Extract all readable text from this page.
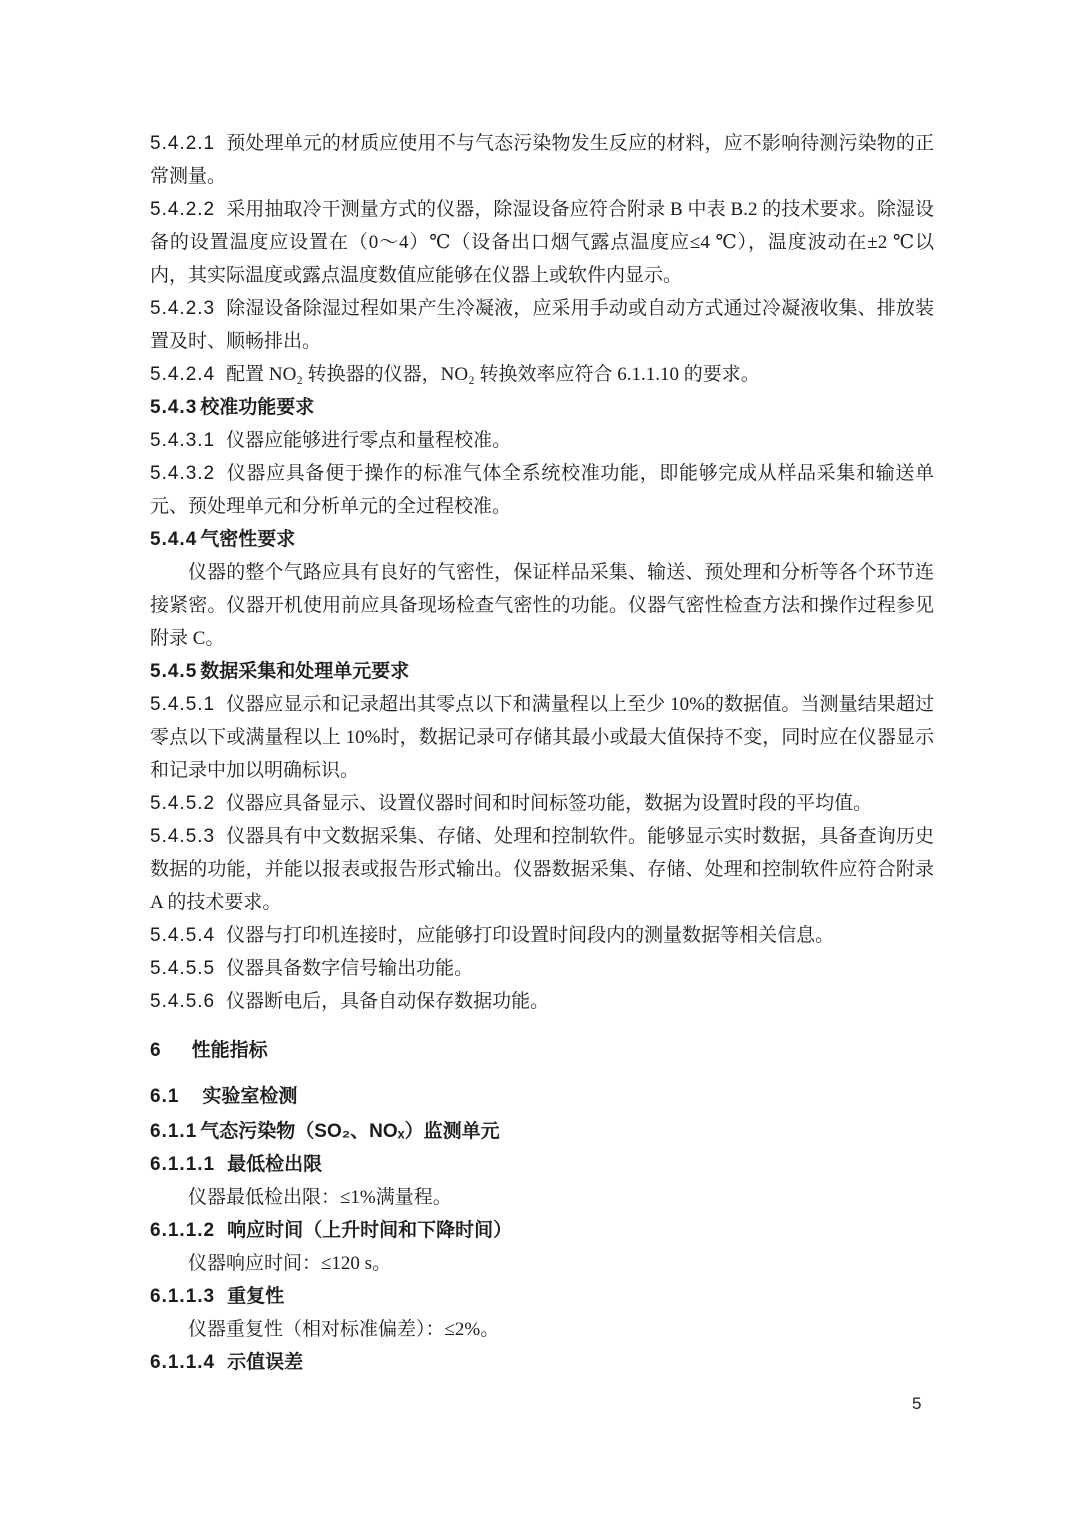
5.4.2.1 预处理单元的材质应使用不与气态污染物发生反应的材料，应不影响待测污染物的正常测量。

5.4.2.2 采用抽取冷干测量方式的仪器，除湿设备应符合附录 B 中表 B.2 的技术要求。除湿设备的设置温度应设置在（0～4）℃（设备出口烟气露点温度应≤4 ℃），温度波动在±2 ℃以内，其实际温度或露点温度数值应能够在仪器上或软件内显示。

5.4.2.3 除湿设备除湿过程如果产生冷凝液，应采用手动或自动方式通过冷凝液收集、排放装置及时、顺畅排出。

5.4.2.4 配置 NO₂ 转换器的仪器，NO₂ 转换效率应符合 6.1.1.10 的要求。

5.4.3 校准功能要求

5.4.3.1 仪器应能够进行零点和量程校准。

5.4.3.2 仪器应具备便于操作的标准气体全系统校准功能，即能够完成从样品采集和输送单元、预处理单元和分析单元的全过程校准。

5.4.4 气密性要求

仪器的整个气路应具有良好的气密性，保证样品采集、输送、预处理和分析等各个环节连接紧密。仪器开机使用前应具备现场检查气密性的功能。仪器气密性检查方法和操作过程参见附录 C。

5.4.5 数据采集和处理单元要求

5.4.5.1 仪器应显示和记录超出其零点以下和满量程以上至少 10%的数据值。当测量结果超过零点以下或满量程以上 10%时，数据记录可存储其最小或最大值保持不变，同时应在仪器显示和记录中加以明确标识。

5.4.5.2 仪器应具备显示、设置仪器时间和时间标签功能，数据为设置时段的平均值。

5.4.5.3 仪器具有中文数据采集、存储、处理和控制软件。能够显示实时数据，具备查询历史数据的功能，并能以报表或报告形式输出。仪器数据采集、存储、处理和控制软件应符合附录 A 的技术要求。

5.4.5.4 仪器与打印机连接时，应能够打印设置时间段内的测量数据等相关信息。

5.4.5.5 仪器具备数字信号输出功能。

5.4.5.6 仪器断电后，具备自动保存数据功能。

6 性能指标

6.1 实验室检测

6.1.1 气态污染物（SO₂、NOₓ）监测单元

6.1.1.1 最低检出限

仪器最低检出限：≤1%满量程。

6.1.1.2 响应时间（上升时间和下降时间）

仪器响应时间：≤120 s。

6.1.1.3 重复性

仪器重复性（相对标准偏差）：≤2%。

6.1.1.4 示值误差

5
